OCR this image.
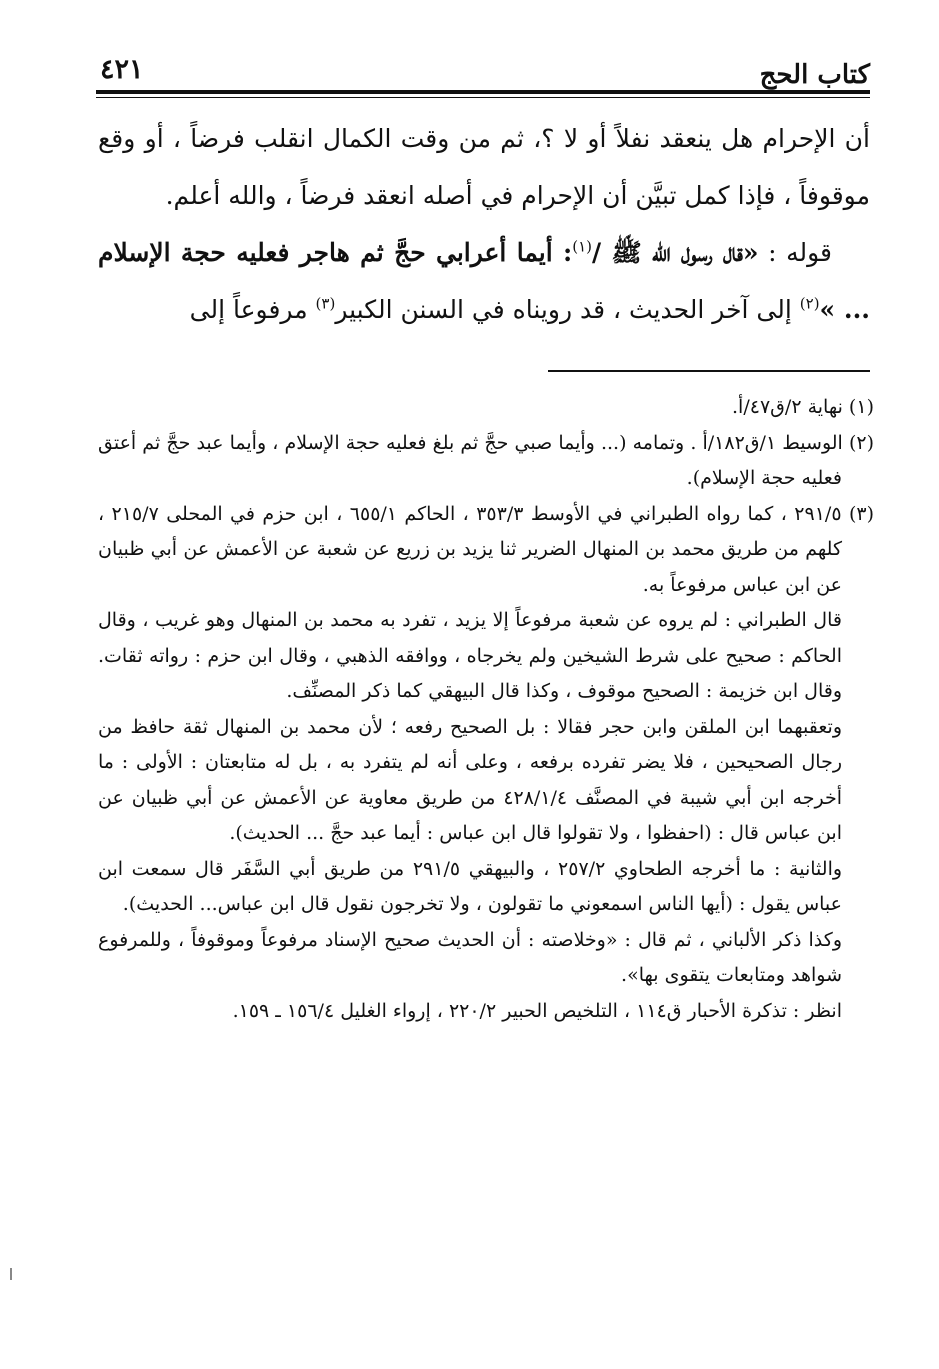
كتاب الحج
٤٢١

أن الإحرام هل ينعقد نفلاً أو لا ؟، ثم من وقت الكمال انقلب فرضاً ، أو وقع موقوفاً ، فإذا كمل تبيَّن أن الإحرام في أصله انعقد فرضاً ، والله أعلم.

قوله : «قال رسول الله ﷺ /$^{(١)}$: أيما أعرابي حجَّ ثم هاجر فعليه حجة الإسلام ... »$^{(٢)}$ إلى آخر الحديث ، قد رويناه في السنن الكبير$^{(٣)}$ مرفوعاً إلى

(١) نهاية ٢/ق٤٧/أ.

(٢) الوسيط ١/ق١٨٢/أ . وتمامه (... وأيما صبي حجَّ ثم بلغ فعليه حجة الإسلام ، وأيما عبد حجَّ ثم أعتق فعليه حجة الإسلام).

(٣) ٢٩١/٥ ، كما رواه الطبراني في الأوسط ٣٥٣/٣ ، الحاكم ٦٥٥/١ ، ابن حزم في المحلى ٢١٥/٧ ، كلهم من طريق محمد بن المنهال الضرير ثنا يزيد بن زريع عن شعبة عن الأعمش عن أبي ظبيان عن ابن عباس مرفوعاً به.

قال الطبراني : لم يروه عن شعبة مرفوعاً إلا يزيد ، تفرد به محمد بن المنهال وهو غريب ، وقال الحاكم : صحيح على شرط الشيخين ولم يخرجاه ، ووافقه الذهبي ، وقال ابن حزم : رواته ثقات. وقال ابن خزيمة : الصحيح موقوف ، وكذا قال البيهقي كما ذكر المصنِّف.

وتعقبهما ابن الملقن وابن حجر فقالا : بل الصحيح رفعه ؛ لأن محمد بن المنهال ثقة حافظ من رجال الصحيحين ، فلا يضر تفرده برفعه ، وعلى أنه لم يتفرد به ، بل له متابعتان : الأولى : ما أخرجه ابن أبي شيبة في المصنَّف ٤٢٨/١/٤ من طريق معاوية عن الأعمش عن أبي ظبيان عن ابن عباس قال : (احفظوا ، ولا تقولوا قال ابن عباس : أيما عبد حجَّ ... الحديث).

والثانية : ما أخرجه الطحاوي ٢٥٧/٢ ، والبيهقي ٢٩١/٥ من طريق أبي السَّفَر قال سمعت ابن عباس يقول : (أيها الناس اسمعوني ما تقولون ، ولا تخرجون نقول قال ابن عباس... الحديث).

وكذا ذكر الألباني ، ثم قال : «وخلاصته : أن الحديث صحيح الإسناد مرفوعاً وموقوفاً ، وللمرفوع شواهد ومتابعات يتقوى بها».

انظر : تذكرة الأحبار ق١١٤ ، التلخيص الحبير ٢٢٠/٢ ، إرواء الغليل ١٥٦/٤ ـ ١٥٩.
